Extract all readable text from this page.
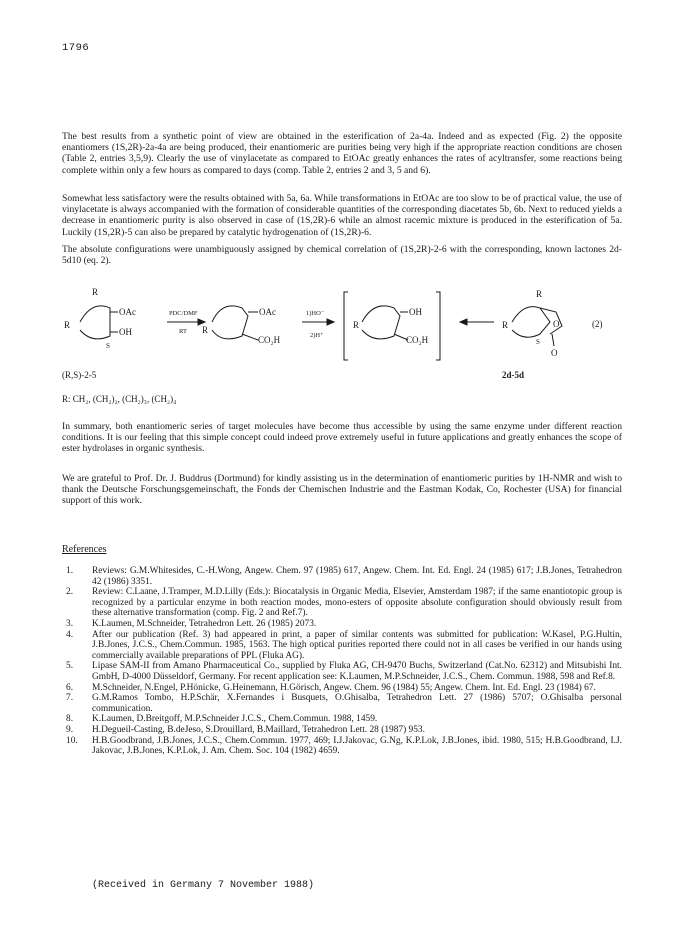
1796

The best results from a synthetic point of view are obtained in the esterification of 2a-4a. Indeed and as expected (Fig. 2) the opposite enantiomers (1S,2R)-2a-4a are being produced, their enantiomeric are purities being very high if the appropriate reaction conditions are chosen (Table 2, entries 3,5,9). Clearly the use of vinylacetate as compared to EtOAc greatly enhances the rates of acyltransfer, some reactions being complete within only a few hours as compared to days (comp. Table 2, entries 2 and 3, 5 and 6).

Somewhat less satisfactory were the results obtained with 5a, 6a. While transformations in EtOAc are too slow to be of practical value, the use of vinylacetate is always accompanied with the formation of considerable quantities of the corresponding diacetates 5b, 6b. Next to reduced yields a decrease in enantiomeric purity is also observed in case of (1S,2R)-6 while an almost racemic mixture is produced in the esterification of 5a. Luckily (1S,2R)-5 can also be prepared by catalytic hydrogenation of (1S,2R)-6.

The absolute configurations were unambiguously assigned by chemical correlation of (1S,2R)-2-6 with the corresponding, known lactones 2d-5d10 (eq. 2).

R
R
OAc
OH
S
PDC/DMF
RT R
OAc
CO₂H
1)HO⁻
2)H⁺
R
OH
CO₂H
R
R
O
S
O
(2)
(R,S)-2-5	2d-5d
R: CH₂, (CH₂)₂, (CH₂)₃, (CH₂)₄

In summary, both enantiomeric series of target molecules have become thus accessible by using the same enzyme under different reaction conditions. It is our feeling that this simple concept could indeed prove extremely useful in future applications and greatly enhances the scope of ester hydrolases in organic synthesis.

We are grateful to Prof. Dr. J. Buddrus (Dortmund) for kindly assisting us in the determination of enantiomeric purities by 1H-NMR and wish to thank the Deutsche Forschungsgemeinschaft, the Fonds der Chemischen Industrie and the Eastman Kodak, Co, Rochester (USA) for financial support of this work.

References
1.	Reviews: G.M.Whitesides, C.-H.Wong, Angew. Chem. 97 (1985) 617, Angew. Chem. Int. Ed. Engl. 24 (1985) 617; J.B.Jones, Tetrahedron 42 (1986) 3351.
2.	Review: C.Laane, J.Tramper, M.D.Lilly (Eds.): Biocatalysis in Organic Media, Elsevier, Amsterdam 1987; if the same enantiotopic group is recognized by a particular enzyme in both reaction modes, mono-esters of opposite absolute configuration should obviously result from these alternative transformation (comp. Fig. 2 and Ref.7).
3.	K.Laumen, M.Schneider, Tetrahedron Lett. 26 (1985) 2073.
4.	After our publication (Ref. 3) had appeared in print, a paper of similar contents was submitted for publication: W.Kasel, P.G.Hultin, J.B.Jones, J.C.S., Chem.Commun. 1985, 1563. The high optical purities reported there could not in all cases be verified in our hands using commercially available preparations of PPL (Fluka AG).
5.	Lipase SAM-II from Amano Pharmaceutical Co., supplied by Fluka AG, CH-9470 Buchs, Switzerland (Cat.No. 62312) and Mitsubishi Int. GmbH, D-4000 Düsseldorf, Germany. For recent application see: K.Laumen, M.P.Schneider, J.C.S., Chem. Commun. 1988, 598 and Ref.8.
6.	M.Schneider, N.Engel, P.Hönicke, G.Heinemann, H.Görisch, Angew. Chem. 96 (1984) 55; Angew. Chem. Int. Ed. Engl. 23 (1984) 67.
7.	G.M.Ramos Tombo, H.P.Schär, X.Fernandes i Busquets, O.Ghisalba, Tetrahedron Lett. 27 (1986) 5707; O.Ghisalba personal communication.
8.	K.Laumen, D.Breitgoff, M.P.Schneider J.C.S., Chem.Commun. 1988, 1459.
9.	H.Degueil-Casting, B.deJeso, S.Drouillard, B.Maillard, Tetrahedron Lett. 28 (1987) 953.
10.	H.B.Goodbrand, J.B.Jones, J.C.S., Chem.Commun. 1977, 469; I.J.Jakovac, G.Ng, K.P.Lok, J.B.Jones, ibid. 1980, 515; H.B.Goodbrand, I.J. Jakovac, J.B.Jones, K.P.Lok, J. Am. Chem. Soc. 104 (1982) 4659.
(Received in Germany 7 November 1988)
